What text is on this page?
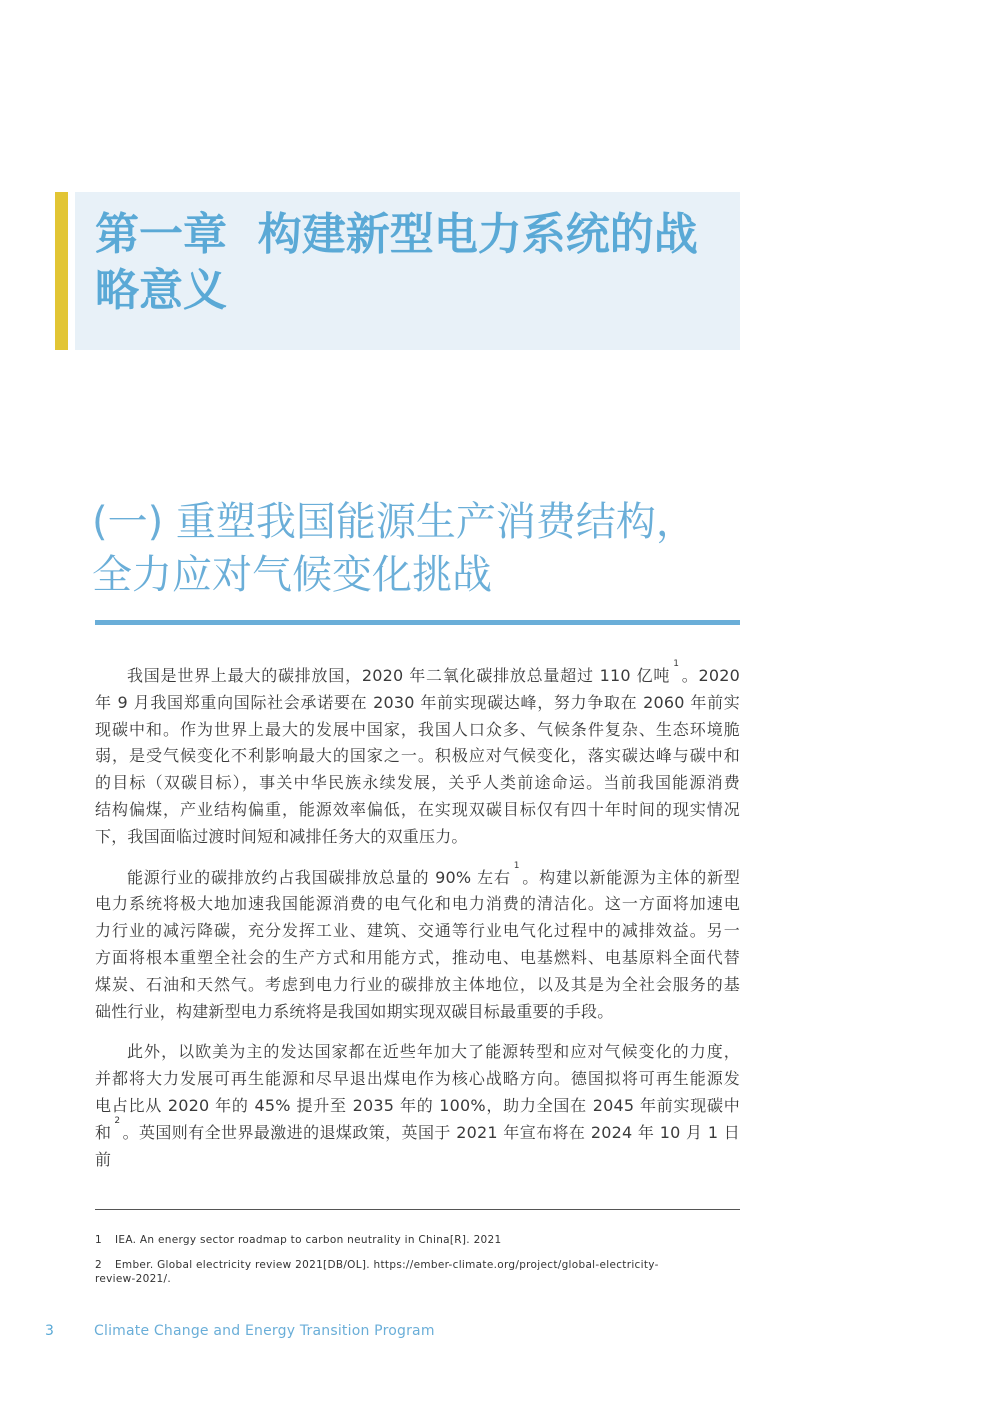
第一章 构建新型电力系统的战
略意义
(一) 重塑我国能源生产消费结构，
全力应对气候变化挑战
我国是世界上最大的碳排放国，2020 年二氧化碳排放总量超过 110 亿吨$^1$。2020
年 9 月我国郑重向国际社会承诺要在 2030 年前实现碳达峰，努力争取在 2060 年前实
现碳中和。作为世界上最大的发展中国家，我国人口众多、气候条件复杂、生态环境脆
弱，是受气候变化不利影响最大的国家之一。积极应对气候变化，落实碳达峰与碳中和
的目标（双碳目标），事关中华民族永续发展，关乎人类前途命运。当前我国能源消费
结构偏煤，产业结构偏重，能源效率偏低，在实现双碳目标仅有四十年时间的现实情况
下，我国面临过渡时间短和减排任务大的双重压力。
能源行业的碳排放约占我国碳排放总量的 90% 左右$^1$。构建以新能源为主体的新型
电力系统将极大地加速我国能源消费的电气化和电力消费的清洁化。这一方面将加速电
力行业的减污降碳，充分发挥工业、建筑、交通等行业电气化过程中的减排效益。另一
方面将根本重塑全社会的生产方式和用能方式，推动电、电基燃料、电基原料全面代替
煤炭、石油和天然气。考虑到电力行业的碳排放主体地位，以及其是为全社会服务的基
础性行业，构建新型电力系统将是我国如期实现双碳目标最重要的手段。
此外，以欧美为主的发达国家都在近些年加大了能源转型和应对气候变化的力度，
并都将大力发展可再生能源和尽早退出煤电作为核心战略方向。德国拟将可再生能源发
电占比从 2020 年的 45% 提升至 2035 年的 100%，助力全国在 2045 年前实现碳中
和$^2$。英国则有全世界最激进的退煤政策，英国于 2021 年宣布将在 2024 年 10 月 1 日前
1 IEA. An energy sector roadmap to carbon neutrality in China[R]. 2021
2 Ember. Global electricity review 2021[DB/OL]. https://ember-climate.org/project/global-electricity-review-2021/.
3	Climate Change and Energy Transition Program
